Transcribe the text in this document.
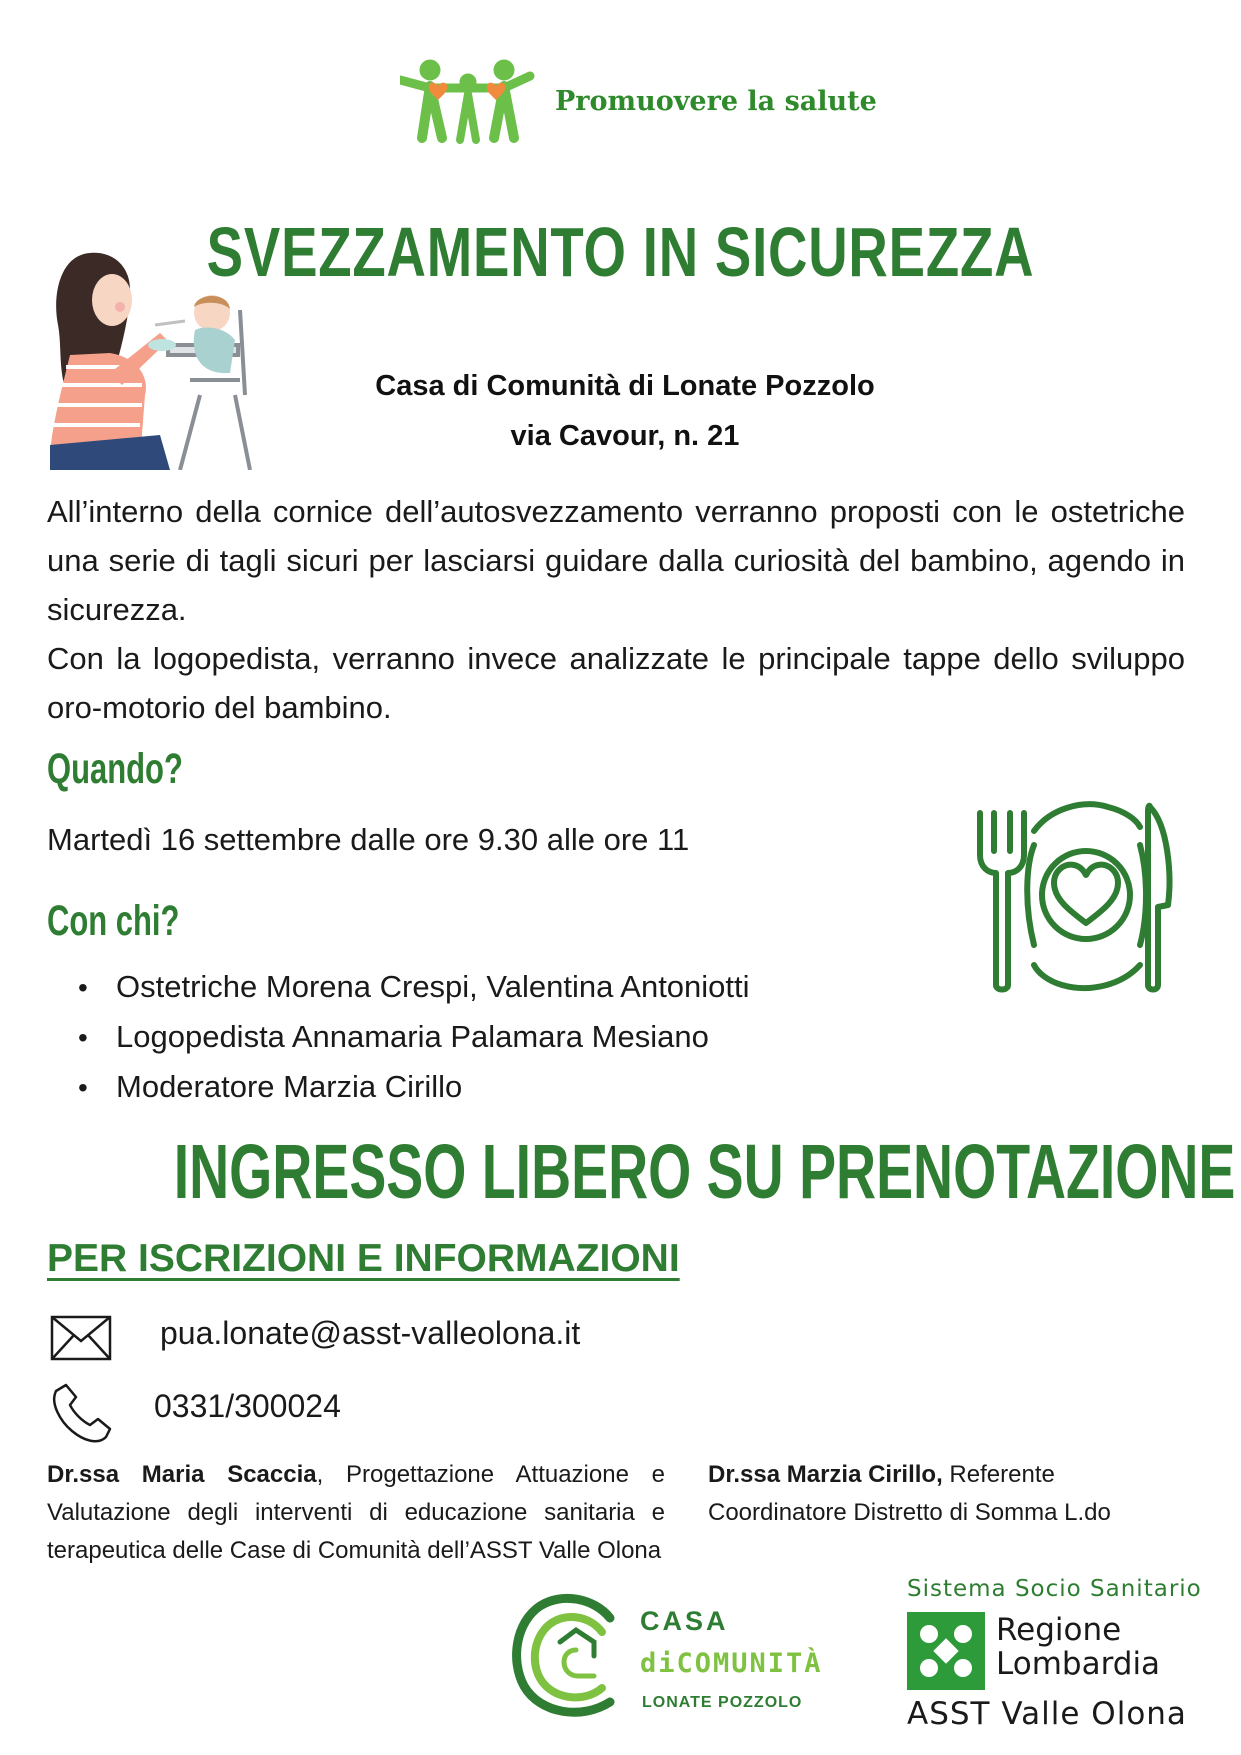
Promuovere la salute
SVEZZAMENTO IN SICUREZZA
Casa di Comunità di Lonate Pozzolo
via Cavour, n. 21

All’interno della cornice dell’autosvezzamento verranno proposti con le ostetriche una serie di tagli sicuri per lasciarsi guidare dalla curiosità del bambino, agendo in sicurezza.

Con la logopedista, verranno invece analizzate le principale tappe dello sviluppo oro-motorio del bambino.

Quando?
Martedì 16 settembre dalle ore 9.30 alle ore 11
Con chi?
• Ostetriche Morena Crespi, Valentina Antoniotti
• Logopedista Annamaria Palamara Mesiano
• Moderatore Marzia Cirillo
INGRESSO LIBERO SU PRENOTAZIONE
PER ISCRIZIONI E INFORMAZIONI
pua.lonate@asst-valleolona.it
0331/300024
Dr.ssa Maria Scaccia, Progettazione Attuazione e Valutazione degli interventi di educazione sanitaria e terapeutica delle Case di Comunità dell’ASST Valle Olona
Dr.ssa Marzia Cirillo, Referente Coordinatore Distretto di Somma L.do
CASA
diCOMUNITÀ
LONATE POZZOLO
Sistema Socio Sanitario
Regione
Lombardia
ASST Valle Olona
